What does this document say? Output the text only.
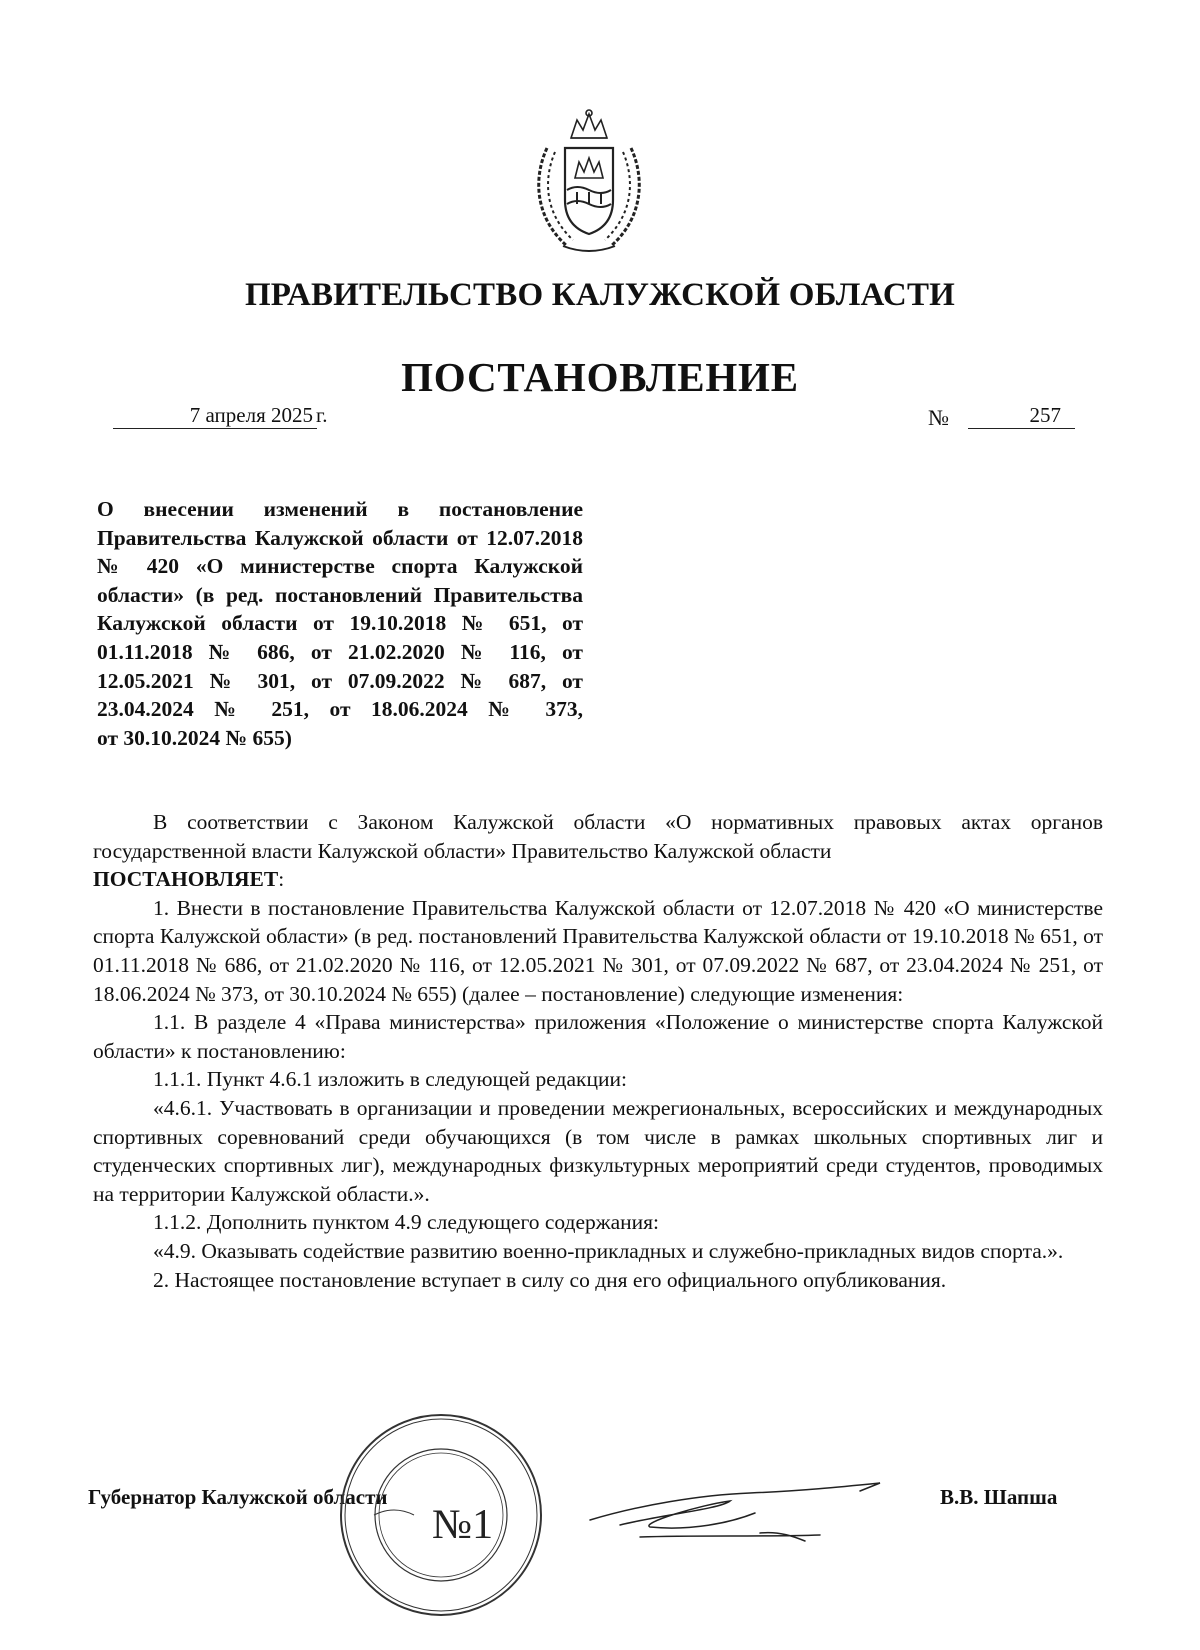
ПРАВИТЕЛЬСТВО КАЛУЖСКОЙ ОБЛАСТИ
ПОСТАНОВЛЕНИЕ
7 апреля 2025 г.	№	257
О внесении изменений в постановление Правительства Калужской области от 12.07.2018 № 420 «О министерстве спорта Калужской области» (в ред. постановлений Правительства Калужской области от 19.10.2018 № 651, от 01.11.2018 № 686, от 21.02.2020 № 116, от 12.05.2021 № 301, от 07.09.2022 № 687, от 23.04.2024 № 251, от 18.06.2024 № 373,
от 30.10.2024 № 655)

В соответствии с Законом Калужской области «О нормативных правовых актах органов государственной власти Калужской области» Правительство Калужской области

ПОСТАНОВЛЯЕТ:

1. Внести в постановление Правительства Калужской области от 12.07.2018 № 420 «О министерстве спорта Калужской области» (в ред. постановлений Правительства Калужской области от 19.10.2018 № 651, от 01.11.2018 № 686, от 21.02.2020 № 116, от 12.05.2021 № 301, от 07.09.2022 № 687, от 23.04.2024 № 251, от 18.06.2024 № 373, от 30.10.2024 № 655) (далее – постановление) следующие изменения:

1.1. В разделе 4 «Права министерства» приложения «Положение о министерстве спорта Калужской области» к постановлению:

1.1.1. Пункт 4.6.1 изложить в следующей редакции:

«4.6.1. Участвовать в организации и проведении межрегиональных, всероссийских и международных спортивных соревнований среди обучающихся (в том числе в рамках школьных спортивных лиг и студенческих спортивных лиг), международных физкультурных мероприятий среди студентов, проводимых на территории Калужской области.».

1.1.2. Дополнить пунктом 4.9 следующего содержания:

«4.9. Оказывать содействие развитию военно-прикладных и служебно-прикладных видов спорта.».

2. Настоящее постановление вступает в силу со дня его официального опубликования.

Губернатор Калужской области	В.В. Шапша
№1
